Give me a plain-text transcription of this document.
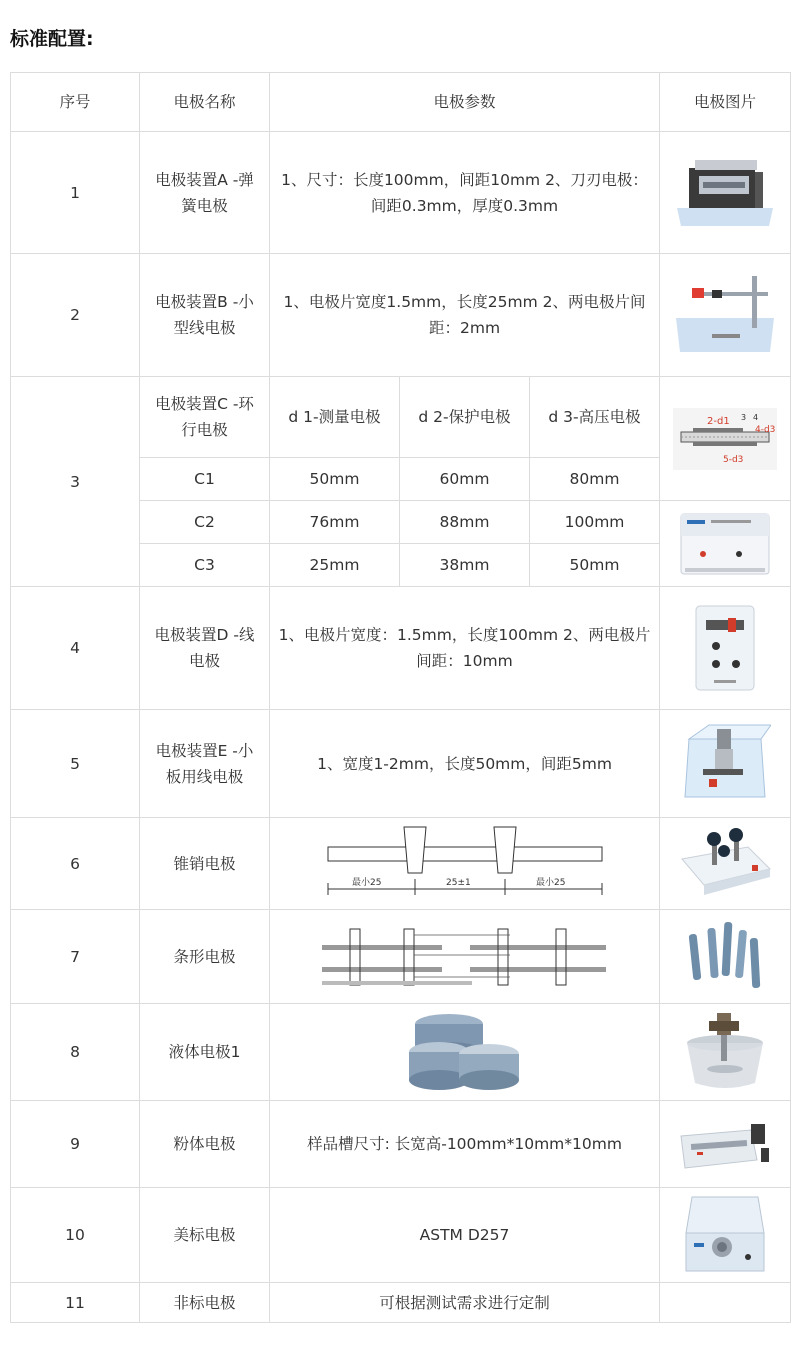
标准配置:
序号	电极名称	电极参数			电极图片
1	电极装置A -弹簧电极	1、尺寸：长度100mm，间距10mm 2、刀刃电极：间距0.3mm，厚度0.3mm	

2	电极装置B -小型线电极	1、电极片宽度1.5mm，长度25mm 2、两电极片间距：2mm	

3	电极装置C -环行电极	d 1-测量电极	d 2-保护电极	d 3-高压电极	2-d1 3 4
4-d3
5-d3

	C1	50mm	60mm	80mm	
	C2	76mm	88mm	100mm	

	C3	25mm	38mm	50mm	
4	电极装置D -线电极	1、电极片宽度：1.5mm，长度100mm 2、两电极片间距：10mm	

5	电极装置E -小板用线电极	1、宽度1-2mm，长度50mm，间距5mm	

6	锥销电极	最小25 25±1 最小25

7	条形电极	

8	液体电极1	

9	粉体电极	样品槽尺寸: 长宽高-100mm*10mm*10mm	

10	美标电极	ASTM D257	

11	非标电极	可根据测试需求进行定制			
